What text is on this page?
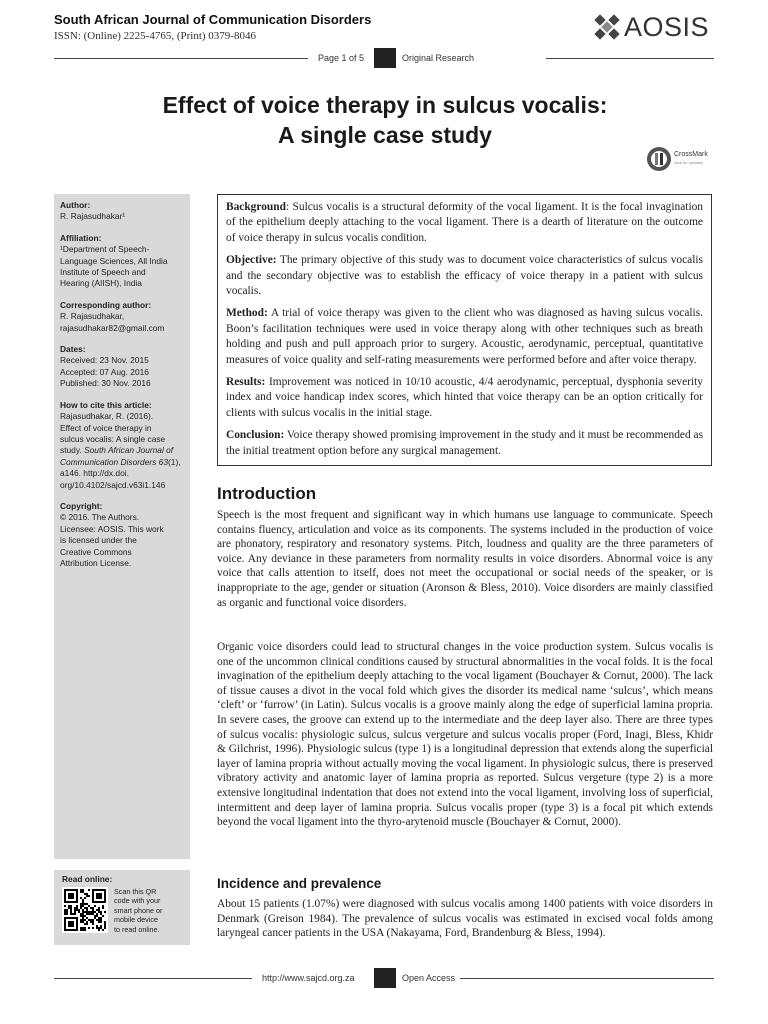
South African Journal of Communication Disorders
ISSN: (Online) 2225-4765, (Print) 0379-8046	AOSIS
Page 1 of 5	Original Research
Effect of voice therapy in sulcus vocalis: A single case study
CrossMark
click for updates
Author:
R. Rajasudhakar¹
Affiliation:
¹Department of Speech-
Language Sciences, All India
Institute of Speech and
Hearing (AIISH), India
Corresponding author:
R. Rajasudhakar,
rajasudhakar82@gmail.com
Dates:
Received: 23 Nov. 2015
Accepted: 07 Aug. 2016
Published: 30 Nov. 2016
How to cite this article:
Rajasudhakar, R. (2016).
Effect of voice therapy in
sulcus vocalis: A single case
study. South African Journal of Communication Disorders 63(1), a146. http://dx.doi.
org/10.4102/sajcd.v63i1.146
Copyright:
© 2016. The Authors.
Licensee: AOSIS. This work
is licensed under the
Creative Commons
Attribution License.
Read online:
Scan this QR
code with your
smart phone or
mobile device
to read online.

Background: Sulcus vocalis is a structural deformity of the vocal ligament. It is the focal invagination of the epithelium deeply attaching to the vocal ligament. There is a dearth of literature on the outcome of voice therapy in sulcus vocalis condition.

Objective: The primary objective of this study was to document voice characteristics of sulcus vocalis and the secondary objective was to establish the efficacy of voice therapy in a patient with sulcus vocalis.

Method: A trial of voice therapy was given to the client who was diagnosed as having sulcus vocalis. Boon’s facilitation techniques were used in voice therapy along with other techniques such as breath holding and push and pull approach prior to surgery. Acoustic, aerodynamic, perceptual, quantitative measures of voice quality and self-rating measurements were performed before and after voice therapy.

Results: Improvement was noticed in 10/10 acoustic, 4/4 aerodynamic, perceptual, dysphonia severity index and voice handicap index scores, which hinted that voice therapy can be an option critically for clients with sulcus vocalis in the initial stage.

Conclusion: Voice therapy showed promising improvement in the study and it must be recommended as the initial treatment option before any surgical management.

Introduction

Speech is the most frequent and significant way in which humans use language to communicate. Speech contains fluency, articulation and voice as its components. The systems included in the production of voice are phonatory, respiratory and resonatory systems. Pitch, loudness and quality are the three parameters of voice. Any deviance in these parameters from normality results in voice disorders. Abnormal voice is any voice that calls attention to itself, does not meet the occupational or social needs of the speaker, or is inappropriate to the age, gender or situation (Aronson & Bless, 2010). Voice disorders are mainly classified as organic and functional voice disorders.

Organic voice disorders could lead to structural changes in the voice production system. Sulcus vocalis is one of the uncommon clinical conditions caused by structural abnormalities in the vocal folds. It is the focal invagination of the epithelium deeply attaching to the vocal ligament (Bouchayer & Cornut, 2000). The lack of tissue causes a divot in the vocal fold which gives the disorder its medical name ‘sulcus’, which means ‘cleft’ or ‘furrow’ (in Latin). Sulcus vocalis is a groove mainly along the edge of superficial lamina propria. In severe cases, the groove can extend up to the intermediate and the deep layer also. There are three types of sulcus vocalis: physiologic sulcus, sulcus vergeture and sulcus vocalis proper (Ford, Inagi, Bless, Khidr & Gilchrist, 1996). Physiologic sulcus (type 1) is a longitudinal depression that extends along the superficial layer of lamina propria without actually moving the vocal ligament. In physiologic sulcus, there is preserved vibratory activity and anatomic layer of lamina propria as reported. Sulcus vergeture (type 2) is a more extensive longitudinal indentation that does not extend into the vocal ligament, involving loss of superficial, intermittent and deep layer of lamina propria. Sulcus vocalis proper (type 3) is a focal pit which extends beyond the vocal ligament into the thyro-arytenoid muscle (Bouchayer & Cornut, 2000).

Incidence and prevalence

About 15 patients (1.07%) were diagnosed with sulcus vocalis among 1400 patients with voice disorders in Denmark (Greison 1984). The prevalence of sulcus vocalis was estimated in excised vocal folds among laryngeal cancer patients in the USA (Nakayama, Ford, Brandenburg & Bless, 1994).

http://www.sajcd.org.za	Open Access
